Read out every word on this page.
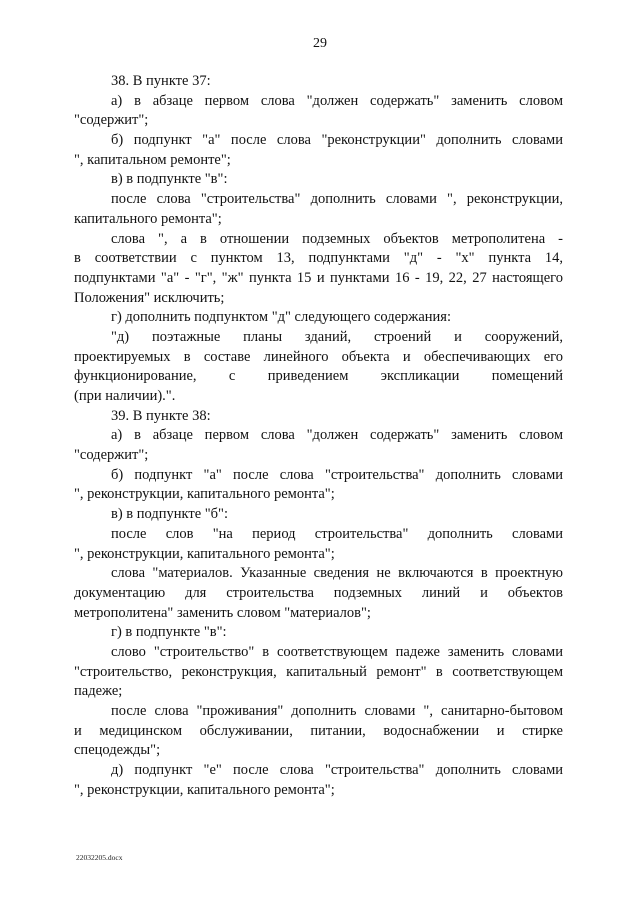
29
38. В пункте 37:
а) в абзаце первом слова "должен содержать" заменить словом
"содержит";
б) подпункт "а" после слова "реконструкции" дополнить словами
", капитальном ремонте";
в) в подпункте "в":
после слова "строительства" дополнить словами ", реконструкции,
капитального ремонта";
слова ", а в отношении подземных объектов метрополитена -
в соответствии с пунктом 13, подпунктами "д" - "х" пункта 14,
подпунктами "а" - "г", "ж" пункта 15 и пунктами 16 - 19, 22, 27 настоящего
Положения" исключить;
г) дополнить подпунктом "д" следующего содержания:
"д) поэтажные планы зданий, строений и сооружений,
проектируемых в составе линейного объекта и обеспечивающих его
функционирование, с приведением экспликации помещений
(при наличии).".
39. В пункте 38:
а) в абзаце первом слова "должен содержать" заменить словом
"содержит";
б) подпункт "а" после слова "строительства" дополнить словами
", реконструкции, капитального ремонта";
в) в подпункте "б":
после слов "на период строительства" дополнить словами
", реконструкции, капитального ремонта";
слова "материалов. Указанные сведения не включаются в проектную
документацию для строительства подземных линий и объектов
метрополитена" заменить словом "материалов";
г) в подпункте "в":
слово "строительство" в соответствующем падеже заменить словами
"строительство, реконструкция, капитальный ремонт" в соответствующем
падеже;
после слова "проживания" дополнить словами ", санитарно-бытовом
и медицинском обслуживании, питании, водоснабжении и стирке
спецодежды";
д) подпункт "е" после слова "строительства" дополнить словами
", реконструкции, капитального ремонта";
22032205.docx
